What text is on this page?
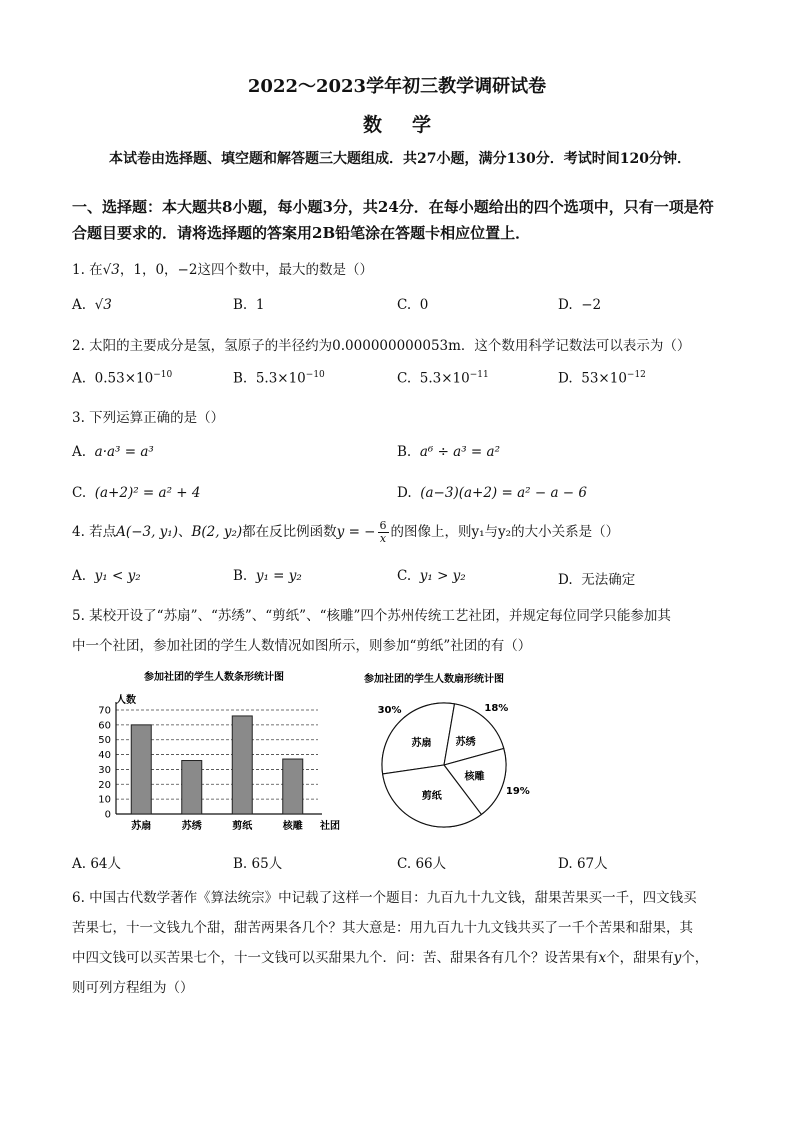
2022～2023学年初三教学调研试卷
数学
本试卷由选择题、填空题和解答题三大题组成．共27小题，满分130分．考试时间120分钟．
一、选择题：本大题共8小题，每小题3分，共24分．在每小题给出的四个选项中，只有一项是符合题目要求的．请将选择题的答案用2B铅笔涂在答题卡相应位置上．
1. 在√3，1，0，−2这四个数中，最大的数是（）
A. √3	B. 1	C. 0	D. −2
2. 太阳的主要成分是氢，氢原子的半径约为0.000000000053m．这个数用科学记数法可以表示为（）
A. $0.53\times 10^{-10}$	B. $5.3\times 10^{-10}$	C. $5.3\times 10^{-11}$	D. $53\times 10^{-12}$
3. 下列运算正确的是（）
A. a·a³ = a³	B. a⁶ ÷ a³ = a²
C. (a+2)² = a² + 4	D. (a−3)(a+2) = a² − a − 6
4. 若点A(−3, y₁)、B(2, y₂)都在反比例函数y = − $\frac{6}{x}$ 的图像上，则y₁与y₂的大小关系是（）
A. y₁ < y₂	B. y₁ = y₂	C. y₁ > y₂	D. 无法确定
5. 某校开设了“苏扇”、“苏绣”、“剪纸”、“核雕”四个苏州传统工艺社团，并规定每位同学只能参加其
中一个社团，参加社团的学生人数情况如图所示，则参加“剪纸”社团的有（）
参加社团的学生人数条形统计图
人数
0
10
20
30
40
50
60
70
苏扇	苏绣	剪纸	核雕 社团
参加社团的学生人数扇形统计图
苏扇
30%
苏绣
18%
核雕
19%
剪纸
A. 64人	B. 65人	C. 66人	D. 67人
6. 中国古代数学著作《算法统宗》中记载了这样一个题目：九百九十九文钱，甜果苦果买一千，四文钱买
苦果七，十一文钱九个甜，甜苦两果各几个？其大意是：用九百九十九文钱共买了一千个苦果和甜果，其
中四文钱可以买苦果七个，十一文钱可以买甜果九个．问：苦、甜果各有几个？设苦果有x个，甜果有y个，
则可列方程组为（）
